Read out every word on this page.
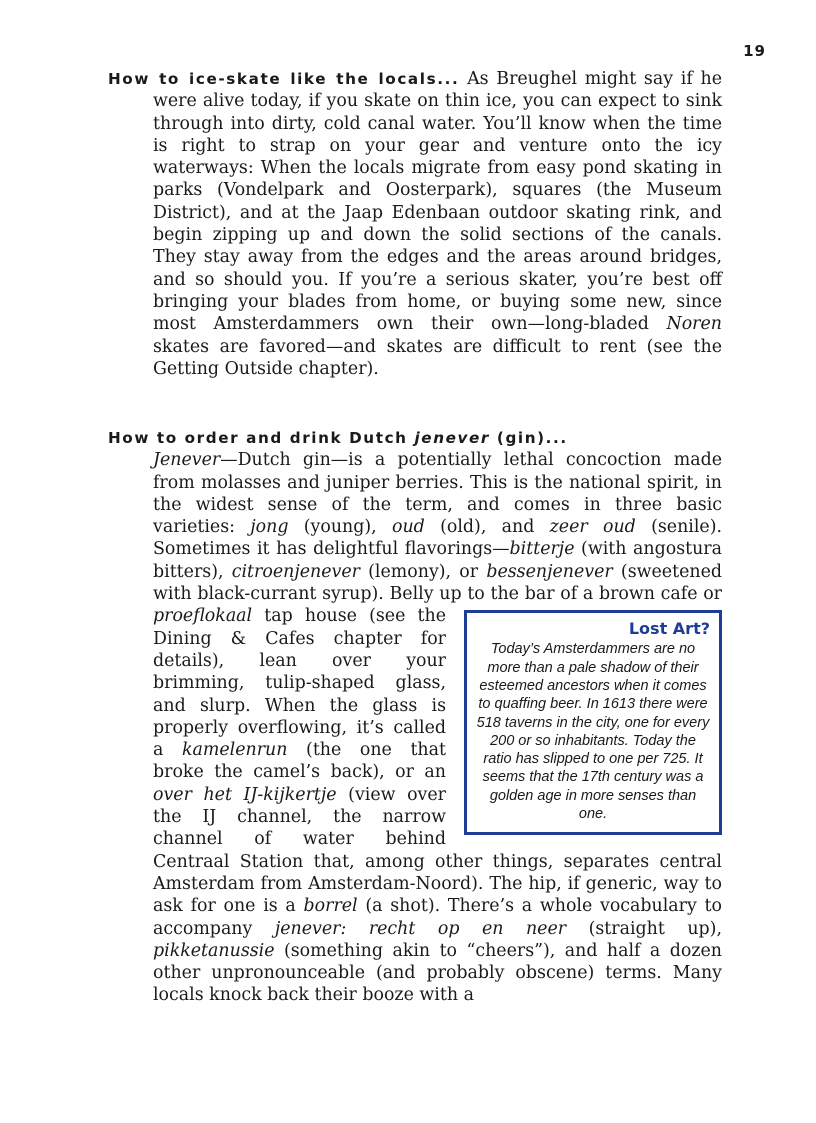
19

How to ice-skate like the locals... As Breughel might say if he were alive today, if you skate on thin ice, you can expect to sink through into dirty, cold canal water. You’ll know when the time is right to strap on your gear and venture onto the icy waterways: When the locals migrate from easy pond skating in parks (Vondelpark and Oosterpark), squares (the Museum District), and at the Jaap Edenbaan outdoor skating rink, and begin zipping up and down the solid sections of the canals. They stay away from the edges and the areas around bridges, and so should you. If you’re a serious skater, you’re best off bringing your blades from home, or buying some new, since most Amsterdammers own their own—long-bladed Noren skates are favored—and skates are difficult to rent (see the Getting Outside chapter).

How to order and drink Dutch jenever (gin)...
Jenever—Dutch gin—is a potentially lethal concoction made from molasses and juniper berries. This is the national spirit, in the widest sense of the term, and comes in three basic varieties: jong (young), oud (old), and zeer oud (senile). Sometimes it has delightful flavorings—bitterje (with angostura bitters), citroenjenever (lemony), or bessenjenever (sweetened with black-currant syrup). Belly up to the bar of a brown cafe or
Lost Art?
Today’s Amsterdammers are no more than a pale shadow of their esteemed ancestors when it comes to quaffing beer. In 1613 there were 518 taverns in the city, one for every 200 or so inhabitants. Today the ratio has slipped to one per 725. It seems that the 17th century was a golden age in more senses than one.
proeflokaal tap house (see the Dining & Cafes chapter for details), lean over your brimming, tulip-shaped glass, and slurp. When the glass is properly overflowing, it’s called a kamelenrun (the one that broke the camel’s back), or an over het IJ-kijkertje (view over the IJ channel, the narrow channel of water behind Centraal Station that, among other things, separates central Amsterdam from Amsterdam-Noord). The hip, if generic, way to ask for one is a borrel (a shot). There’s a whole vocabulary to accompany jenever: recht op en neer (straight up), pikketanussie (something akin to “cheers”), and half a dozen other unpronounceable (and probably obscene) terms. Many locals knock back their booze with a
